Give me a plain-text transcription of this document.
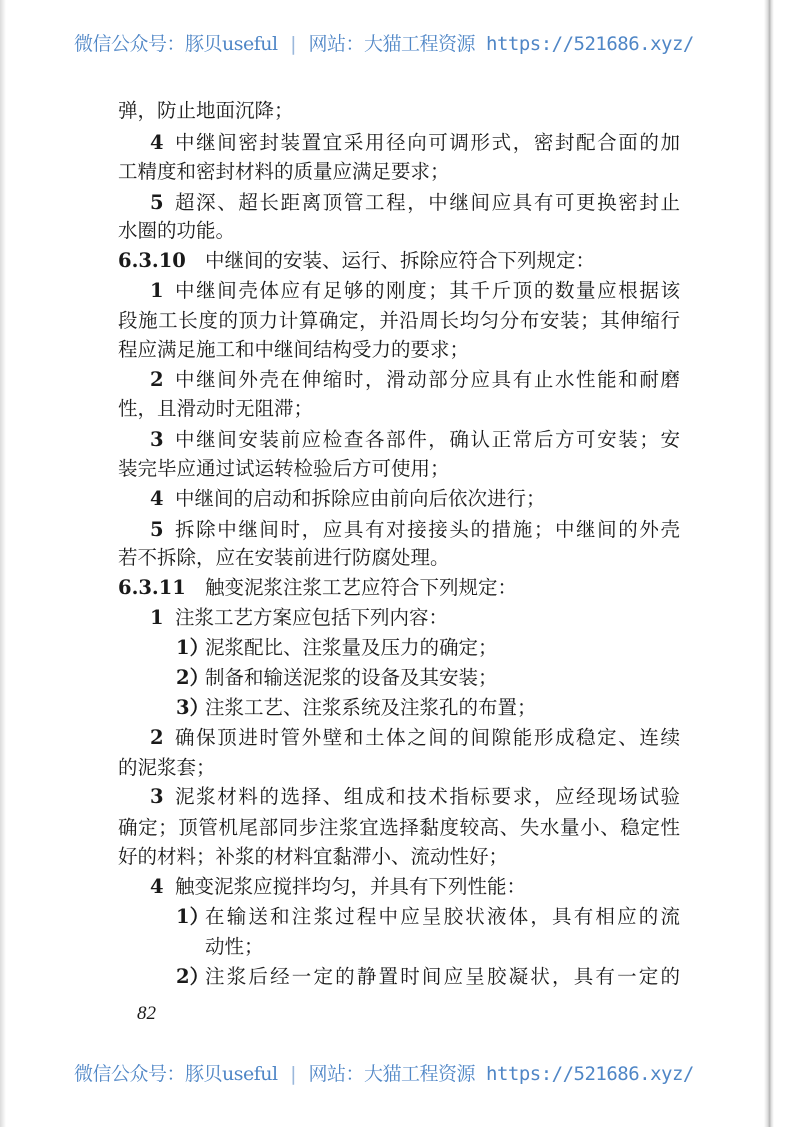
微信公众号：豚贝useful | 网站：大猫工程资源 https://521686.xyz/
弹，防止地面沉降；
4 中继间密封装置宜采用径向可调形式，密封配合面的加
工精度和密封材料的质量应满足要求；
5 超深、超长距离顶管工程，中继间应具有可更换密封止
水圈的功能。
6.3.10 中继间的安装、运行、拆除应符合下列规定：
1 中继间壳体应有足够的刚度；其千斤顶的数量应根据该
段施工长度的顶力计算确定，并沿周长均匀分布安装；其伸缩行
程应满足施工和中继间结构受力的要求；
2 中继间外壳在伸缩时，滑动部分应具有止水性能和耐磨
性，且滑动时无阻滞；
3 中继间安装前应检查各部件，确认正常后方可安装；安
装完毕应通过试运转检验后方可使用；
4 中继间的启动和拆除应由前向后依次进行；
5 拆除中继间时，应具有对接接头的措施；中继间的外壳
若不拆除，应在安装前进行防腐处理。
6.3.11 触变泥浆注浆工艺应符合下列规定：
1 注浆工艺方案应包括下列内容：
1）
泥浆配比、注浆量及压力的确定；
2）
制备和输送泥浆的设备及其安装；
3）
注浆工艺、注浆系统及注浆孔的布置；
2 确保顶进时管外壁和土体之间的间隙能形成稳定、连续
的泥浆套；
3 泥浆材料的选择、组成和技术指标要求，应经现场试验
确定；顶管机尾部同步注浆宜选择黏度较高、失水量小、稳定性
好的材料；补浆的材料宜黏滞小、流动性好；
4 触变泥浆应搅拌均匀，并具有下列性能：
1）
在输送和注浆过程中应呈胶状液体，具有相应的流
动性；
2）
注浆后经一定的静置时间应呈胶凝状，具有一定的
82
微信公众号：豚贝useful | 网站：大猫工程资源 https://521686.xyz/
